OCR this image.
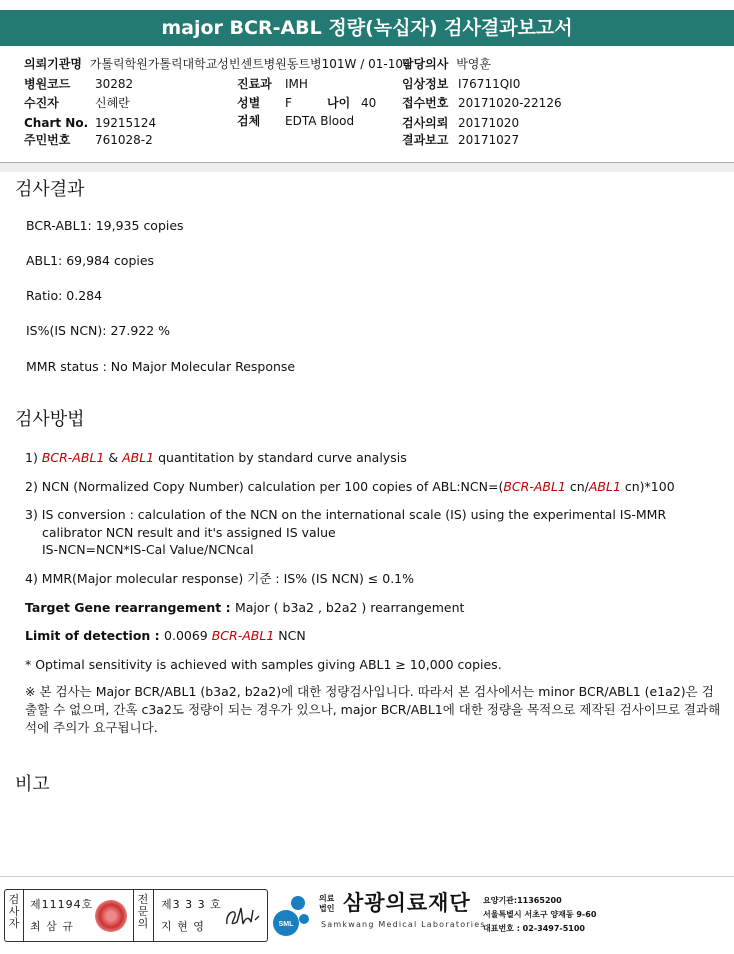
major BCR-ABL 정량(녹십자) 검사결과보고서
의뢰기관명 가톨릭학원가톨릭대학교성빈센트병원동트병101W / 01-104
담당의사 박영훈
병원코드 30282	진료과 IMH	임상정보 I76711QI0
수진자	신혜란	성별 F	나이 40 접수번호 20171020-22126
Chart No. 19215124	검체 EDTA Blood	검사의뢰 20171020
주민번호 761028-2	결과보고 20171027
검사결과
BCR-ABL1: 19,935 copies
ABL1: 69,984 copies
Ratio: 0.284
IS%(IS NCN): 27.922 %
MMR status : No Major Molecular Response
검사방법
1) BCR-ABL1 & ABL1 quantitation by standard curve analysis
2) NCN (Normalized Copy Number) calculation per 100 copies of ABL:NCN=(BCR-ABL1 cn/ABL1 cn)*100
3) IS conversion : calculation of the NCN on the international scale (IS) using the experimental IS-MMR
calibrator NCN result and it's assigned IS value
IS-NCN=NCN*IS-Cal Value/NCNcal
4) MMR(Major molecular response) 기준 : IS% (IS NCN) ≤ 0.1%
Target Gene rearrangement : Major ( b3a2 , b2a2 ) rearrangement
Limit of detection : 0.0069 BCR-ABL1 NCN
* Optimal sensitivity is achieved with samples giving ABL1 ≥ 10,000 copies.
※ 본 검사는 Major BCR/ABL1 (b3a2, b2a2)에 대한 정량검사입니다. 따라서 본 검사에서는 minor BCR/ABL1 (e1a2)은 검출할 수 없으며, 간혹 c3a2도 정량이 되는 경우가 있으나, major BCR/ABL1에 대한 정량을 목적으로 제작된 검사이므로 결과해석에 주의가 요구됩니다.
비고
검
사
자
제11194호
최 삼 규
전
문
의
제3 3 3 호
지 현 영	SML
의료
법인 삼광의료재단
Samkwang Medical Laboratories
요양기관:11365200
서울특별시 서초구 양재동 9-60
대표번호 : 02-3497-5100
